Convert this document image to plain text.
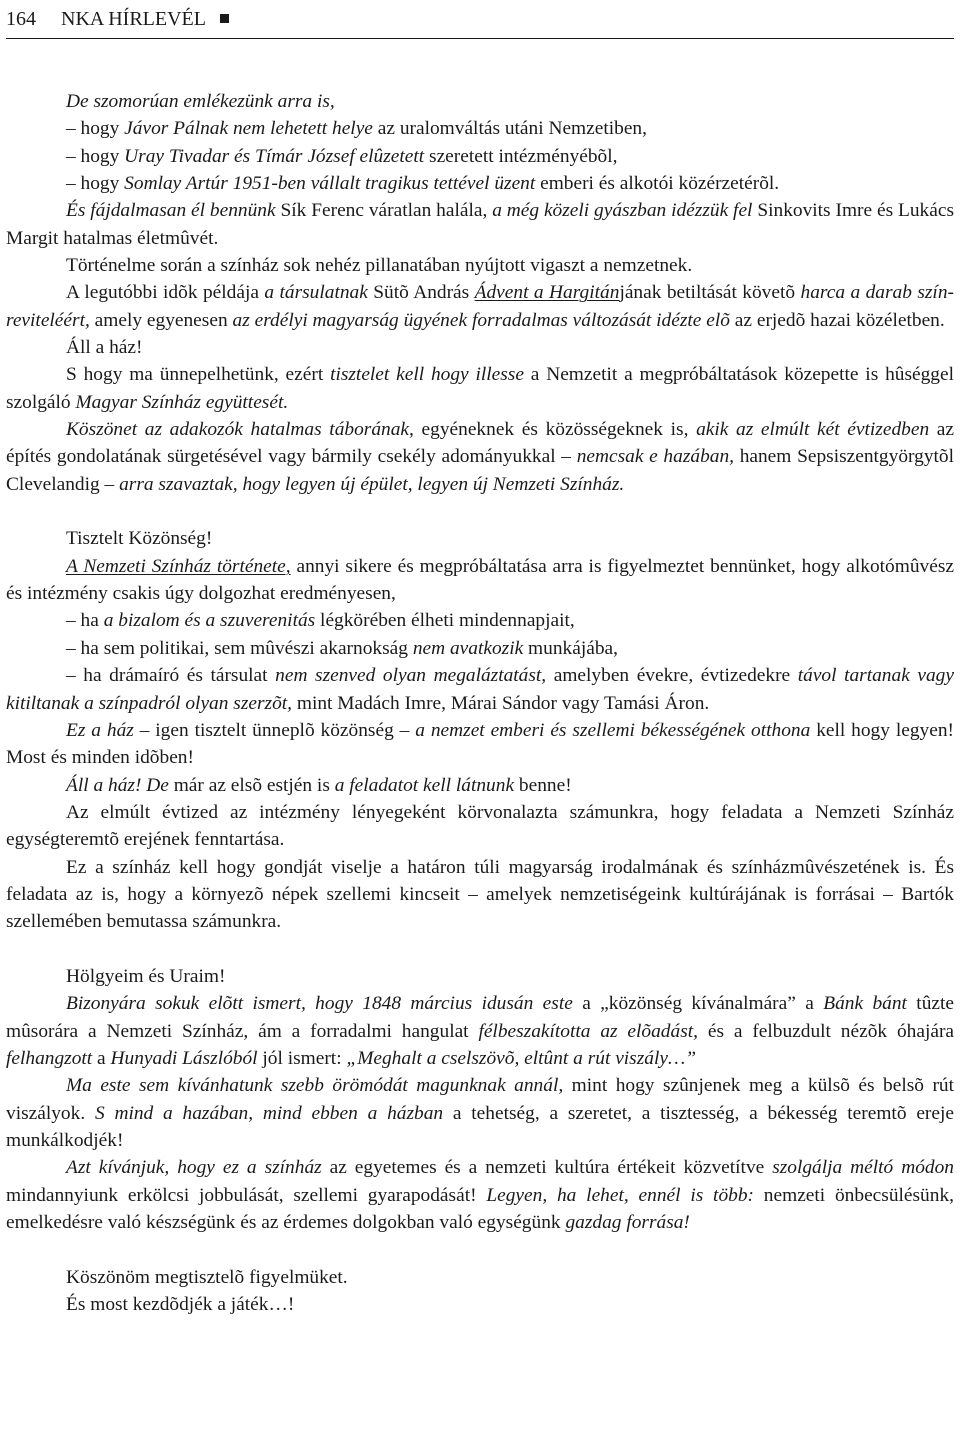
164 NKA HÍRLEVÉL

De szomorúan emlékezünk arra is,

– hogy Jávor Pálnak nem lehetett helye az uralomváltás utáni Nemzetiben,

– hogy Uray Tivadar és Tímár József elûzetett szeretett intézményébõl,

– hogy Somlay Artúr 1951-ben vállalt tragikus tettével üzent emberi és alkotói közérzetérõl.

És fájdalmasan él bennünk Sík Ferenc váratlan halála, a még közeli gyászban idézzük fel Sinkovits Imre és Lukács Margit hatalmas életmûvét.

Történelme során a színház sok nehéz pillanatában nyújtott vigaszt a nemzetnek.

A legutóbbi idõk példája a társulatnak Sütõ András Ádvent a Hargitánjának betiltását követõ harca a darab színreviteléért, amely egyenesen az erdélyi magyarság ügyének forradalmas változását idézte elõ az erjedõ hazai közéletben.

Áll a ház!

S hogy ma ünnepelhetünk, ezért tisztelet kell hogy illesse a Nemzetit a megpróbáltatások közepette is hûséggel szolgáló Magyar Színház együttesét.

Köszönet az adakozók hatalmas táborának, egyéneknek és közösségeknek is, akik az elmúlt két évtizedben az építés gondolatának sürgetésével vagy bármily csekély adományukkal – nemcsak e hazában, hanem Sepsiszentgyörgytõl Clevelandig – arra szavaztak, hogy legyen új épület, legyen új Nemzeti Színház.

Tisztelt Közönség!

A Nemzeti Színház története, annyi sikere és megpróbáltatása arra is figyelmeztet bennünket, hogy alkotómûvész és intézmény csakis úgy dolgozhat eredményesen,

– ha a bizalom és a szuverenitás légkörében élheti mindennapjait,

– ha sem politikai, sem mûvészi akarnokság nem avatkozik munkájába,

– ha drámaíró és társulat nem szenved olyan megaláztatást, amelyben évekre, évtizedekre távol tartanak vagy kitiltanak a színpadról olyan szerzõt, mint Madách Imre, Márai Sándor vagy Tamási Áron.

Ez a ház – igen tisztelt ünneplõ közönség – a nemzet emberi és szellemi békességének otthona kell hogy legyen! Most és minden idõben!

Áll a ház! De már az elsõ estjén is a feladatot kell látnunk benne!

Az elmúlt évtized az intézmény lényegeként körvonalazta számunkra, hogy feladata a Nemzeti Színház egységteremtõ erejének fenntartása.

Ez a színház kell hogy gondját viselje a határon túli magyarság irodalmának és színházmûvészetének is. És feladata az is, hogy a környezõ népek szellemi kincseit – amelyek nemzetiségeink kultúrájának is forrásai – Bartók szellemében bemutassa számunkra.

Hölgyeim és Uraim!

Bizonyára sokuk elõtt ismert, hogy 1848 március idusán este a „közönség kívánalmára” a Bánk bánt tûzte mûsorára a Nemzeti Színház, ám a forradalmi hangulat félbeszakította az elõadást, és a felbuzdult nézõk óhajára felhangzott a Hunyadi Lászlóból jól ismert: „Meghalt a cselszövõ, eltûnt a rút viszály…”

Ma este sem kívánhatunk szebb örömódát magunknak annál, mint hogy szûnjenek meg a külsõ és belsõ rút viszályok. S mind a hazában, mind ebben a házban a tehetség, a szeretet, a tisztesség, a békesség teremtõ ereje munkálkodjék!

Azt kívánjuk, hogy ez a színház az egyetemes és a nemzeti kultúra értékeit közvetítve szolgálja méltó módon mindannyiunk erkölcsi jobbulását, szellemi gyarapodását! Legyen, ha lehet, ennél is több: nemzeti önbecsülésünk, emelkedésre való készségünk és az érdemes dolgokban való egységünk gazdag forrása!

Köszönöm megtisztelõ figyelmüket.

És most kezdõdjék a játék…!
